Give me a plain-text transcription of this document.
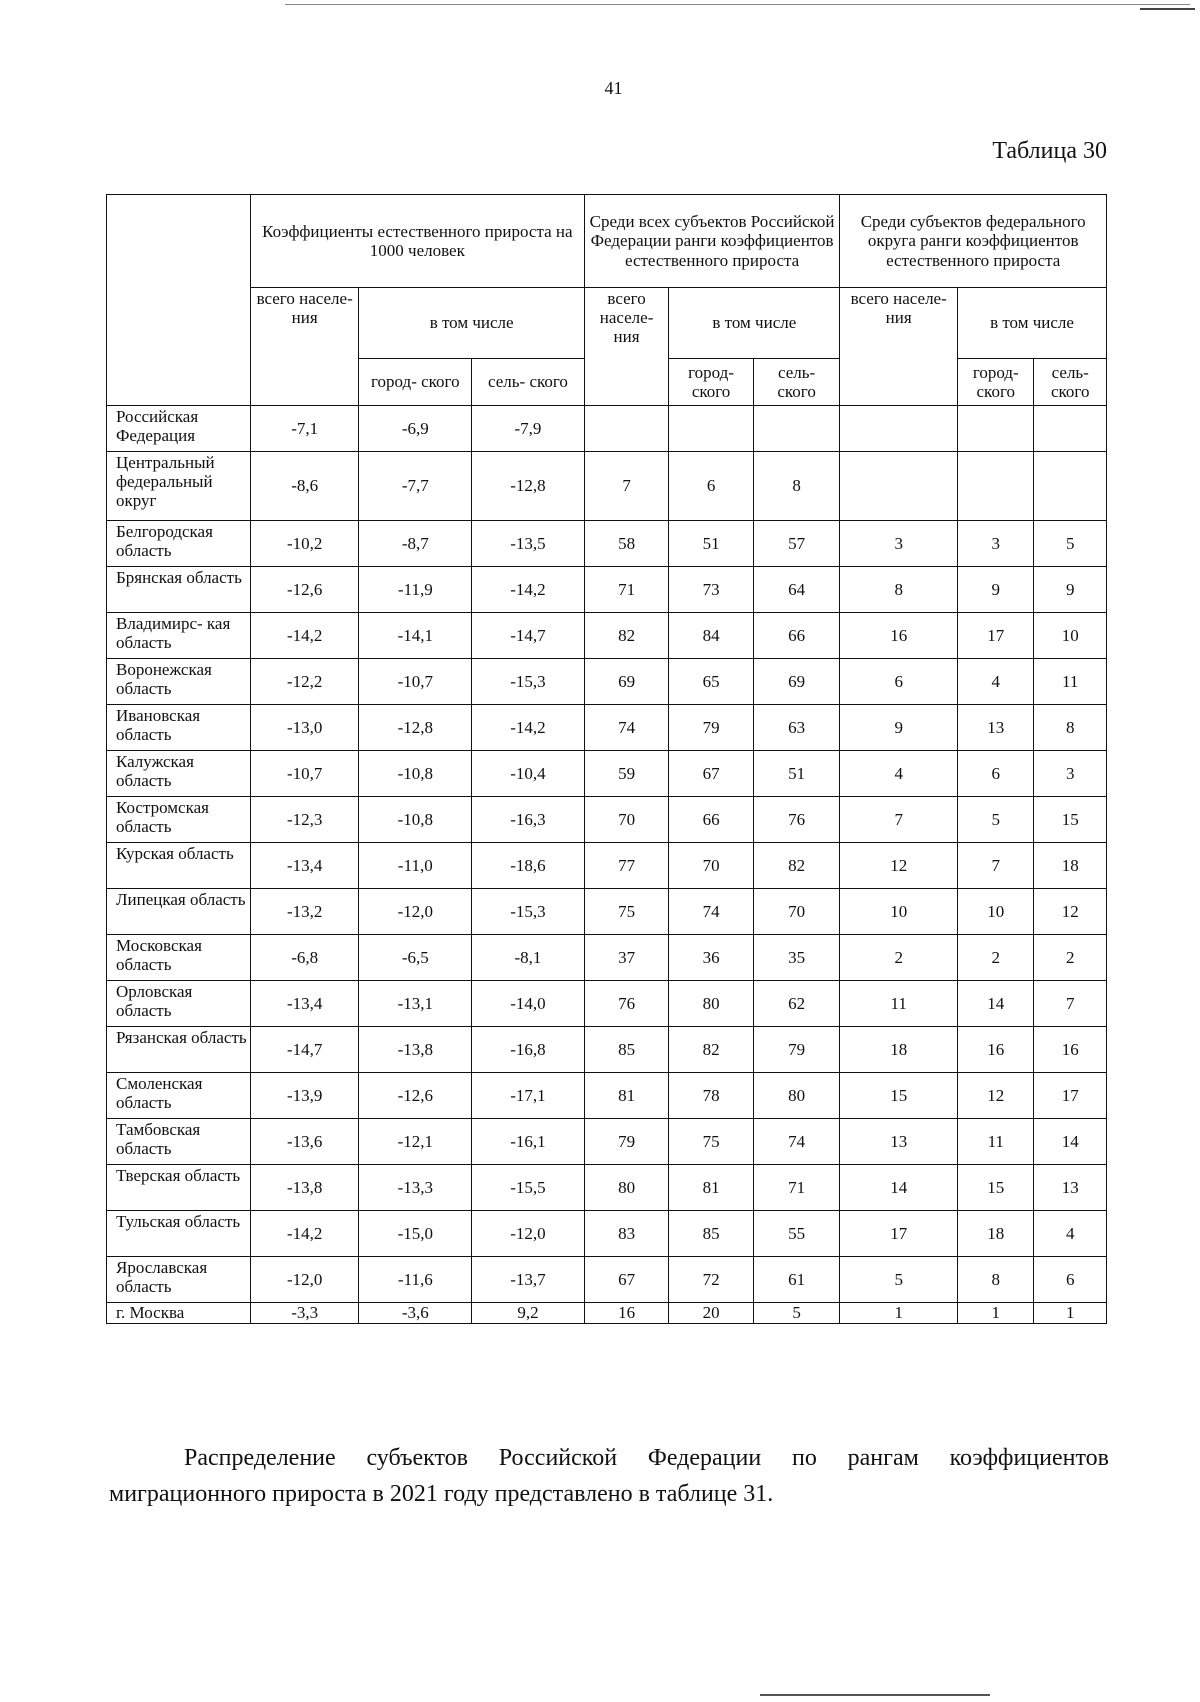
41
Таблица 30
	Коэффициенты естественного прироста на 1000 человек			Среди всех субъектов Российской Федерации ранги коэффициентов естественного прироста			Среди субъектов федерального округа ранги коэффициентов естественного прироста		
	всего населе- ния	в том числе		всего населе- ния	в том числе		всего населе- ния	в том числе	
		город- ского	сель- ского		город- ского	сель- ского		город- ского	сель- ского
Российская Федерация	-7,1	-6,9	-7,9						
Центральный федеральный округ	-8,6	-7,7	-12,8	7	6	8			
Белгородская область	-10,2	-8,7	-13,5	58	51	57	3	3	5
Брянская область	-12,6	-11,9	-14,2	71	73	64	8	9	9
Владимирс- кая область	-14,2	-14,1	-14,7	82	84	66	16	17	10
Воронежская область	-12,2	-10,7	-15,3	69	65	69	6	4	11
Ивановская область	-13,0	-12,8	-14,2	74	79	63	9	13	8
Калужская область	-10,7	-10,8	-10,4	59	67	51	4	6	3
Костромская область	-12,3	-10,8	-16,3	70	66	76	7	5	15
Курская область	-13,4	-11,0	-18,6	77	70	82	12	7	18
Липецкая область	-13,2	-12,0	-15,3	75	74	70	10	10	12
Московская область	-6,8	-6,5	-8,1	37	36	35	2	2	2
Орловская область	-13,4	-13,1	-14,0	76	80	62	11	14	7
Рязанская область	-14,7	-13,8	-16,8	85	82	79	18	16	16
Смоленская область	-13,9	-12,6	-17,1	81	78	80	15	12	17
Тамбовская область	-13,6	-12,1	-16,1	79	75	74	13	11	14
Тверская область	-13,8	-13,3	-15,5	80	81	71	14	15	13
Тульская область	-14,2	-15,0	-12,0	83	85	55	17	18	4
Ярославская область	-12,0	-11,6	-13,7	67	72	61	5	8	6
г. Москва	-3,3	-3,6	9,2	16	20	5	1	1	1
Распределение субъектов Российской Федерации по рангам коэффициентов миграционного прироста в 2021 году представлено в таблице 31.
